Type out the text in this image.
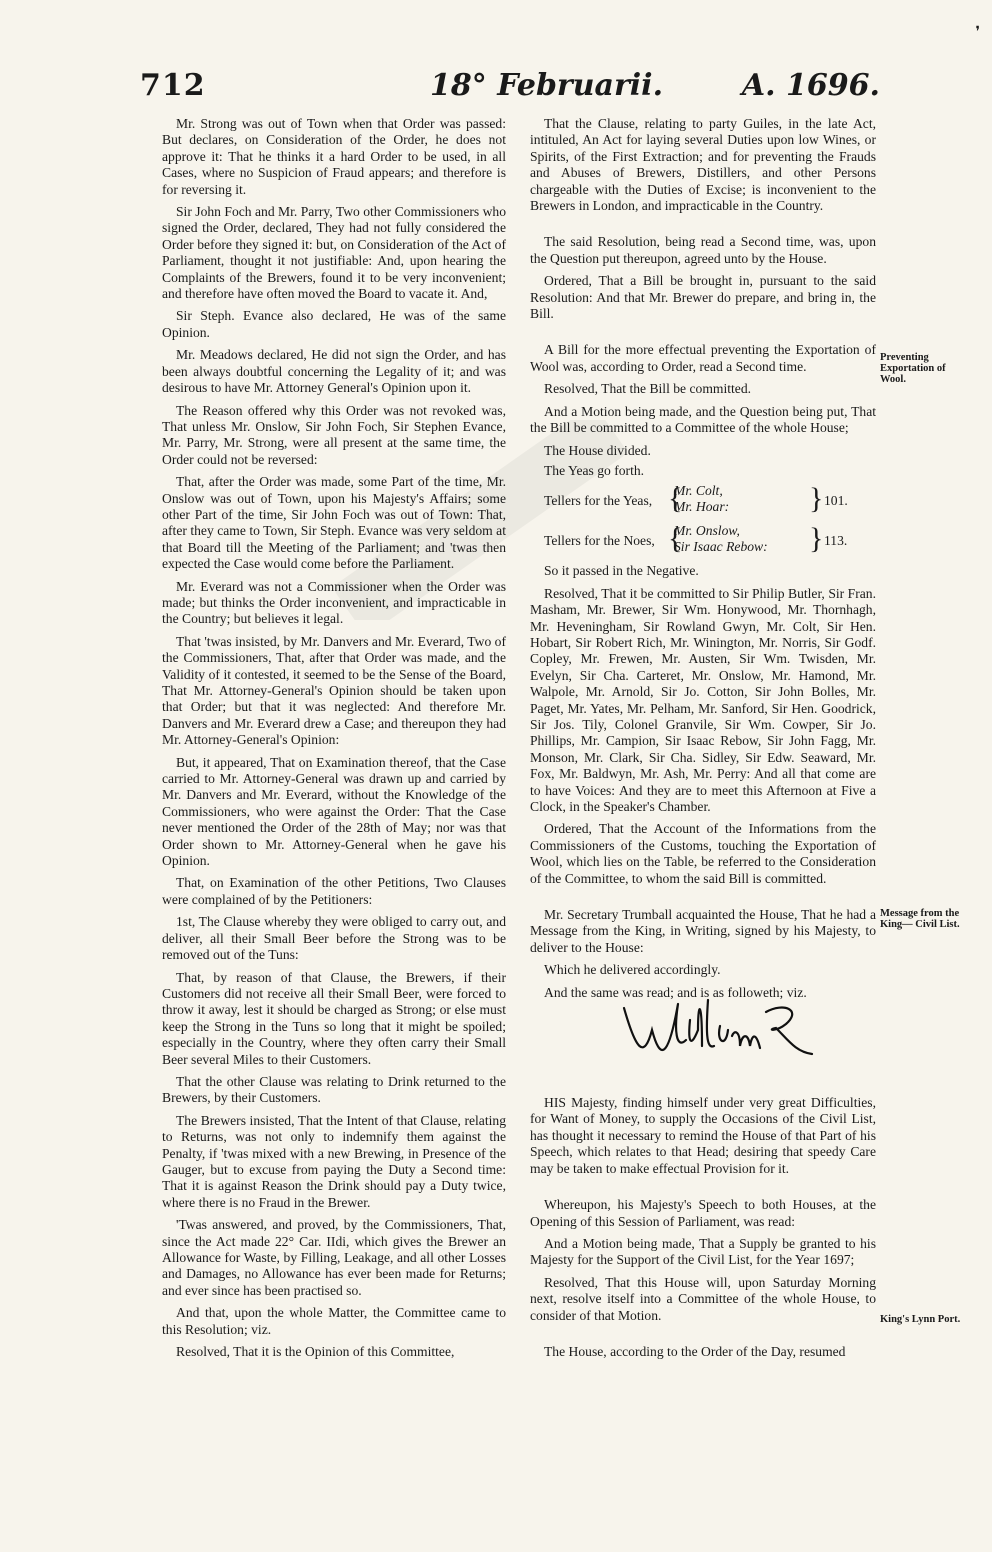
❜
712	18° Februarii.	A. 1696.

Mr. Strong was out of Town when that Order was passed: But declares, on Consideration of the Order, he does not approve it: That he thinks it a hard Order to be used, in all Cases, where no Suspicion of Fraud appears; and therefore is for reversing it.

Sir John Foch and Mr. Parry, Two other Commissioners who signed the Order, declared, They had not fully considered the Order before they signed it: but, on Consideration of the Act of Parliament, thought it not justifiable: And, upon hearing the Complaints of the Brewers, found it to be very inconvenient; and therefore have often moved the Board to vacate it. And,

Sir Steph. Evance also declared, He was of the same Opinion.

Mr. Meadows declared, He did not sign the Order, and has been always doubtful concerning the Legality of it; and was desirous to have Mr. Attorney General's Opinion upon it.

The Reason offered why this Order was not revoked was, That unless Mr. Onslow, Sir John Foch, Sir Stephen Evance, Mr. Parry, Mr. Strong, were all present at the same time, the Order could not be reversed:

That, after the Order was made, some Part of the time, Mr. Onslow was out of Town, upon his Majesty's Affairs; some other Part of the time, Sir John Foch was out of Town: That, after they came to Town, Sir Steph. Evance was very seldom at that Board till the Meeting of the Parliament; and 'twas then expected the Case would come before the Parliament.

Mr. Everard was not a Commissioner when the Order was made; but thinks the Order inconvenient, and impracticable in the Country; but believes it legal.

That 'twas insisted, by Mr. Danvers and Mr. Everard, Two of the Commissioners, That, after that Order was made, and the Validity of it contested, it seemed to be the Sense of the Board, That Mr. Attorney-General's Opinion should be taken upon that Order; but that it was neglected: And therefore Mr. Danvers and Mr. Everard drew a Case; and thereupon they had Mr. Attorney-General's Opinion:

But, it appeared, That on Examination thereof, that the Case carried to Mr. Attorney-General was drawn up and carried by Mr. Danvers and Mr. Everard, without the Knowledge of the Commissioners, who were against the Order: That the Case never mentioned the Order of the 28th of May; nor was that Order shown to Mr. Attorney-General when he gave his Opinion.

That, on Examination of the other Petitions, Two Clauses were complained of by the Petitioners:

1st, The Clause whereby they were obliged to carry out, and deliver, all their Small Beer before the Strong was to be removed out of the Tuns:

That, by reason of that Clause, the Brewers, if their Customers did not receive all their Small Beer, were forced to throw it away, lest it should be charged as Strong; or else must keep the Strong in the Tuns so long that it might be spoiled; especially in the Country, where they often carry their Small Beer several Miles to their Customers.

That the other Clause was relating to Drink returned to the Brewers, by their Customers.

The Brewers insisted, That the Intent of that Clause, relating to Returns, was not only to indemnify them against the Penalty, if 'twas mixed with a new Brewing, in Presence of the Gauger, but to excuse from paying the Duty a Second time: That it is against Reason the Drink should pay a Duty twice, where there is no Fraud in the Brewer.

'Twas answered, and proved, by the Commissioners, That, since the Act made 22° Car. IIdi, which gives the Brewer an Allowance for Waste, by Filling, Leakage, and all other Losses and Damages, no Allowance has ever been made for Returns; and ever since has been practised so.

And that, upon the whole Matter, the Committee came to this Resolution; viz.

Resolved, That it is the Opinion of this Committee,

That the Clause, relating to party Guiles, in the late Act, intituled, An Act for laying several Duties upon low Wines, or Spirits, of the First Extraction; and for preventing the Frauds and Abuses of Brewers, Distillers, and other Persons chargeable with the Duties of Excise; is inconvenient to the Brewers in London, and impracticable in the Country.

The said Resolution, being read a Second time, was, upon the Question put thereupon, agreed unto by the House.

Ordered, That a Bill be brought in, pursuant to the said Resolution: And that Mr. Brewer do prepare, and bring in, the Bill.

A Bill for the more effectual preventing the Exportation of Wool was, according to Order, read a Second time.

Resolved, That the Bill be committed.

And a Motion being made, and the Question being put, That the Bill be committed to a Committee of the whole House;

The House divided.
The Yeas go forth.
Tellers for the Yeas, {
Mr. Colt,
Mr. Hoar:	} 101.
Tellers for the Noes, {
Mr. Onslow,
Sir Isaac Rebow: } 113.
So it passed in the Negative.

Resolved, That it be committed to Sir Philip Butler, Sir Fran. Masham, Mr. Brewer, Sir Wm. Honywood, Mr. Thornhagh, Mr. Heveningham, Sir Rowland Gwyn, Mr. Colt, Sir Hen. Hobart, Sir Robert Rich, Mr. Winington, Mr. Norris, Sir Godf. Copley, Mr. Frewen, Mr. Austen, Sir Wm. Twisden, Mr. Evelyn, Sir Cha. Carteret, Mr. Onslow, Mr. Hamond, Mr. Walpole, Mr. Arnold, Sir Jo. Cotton, Sir John Bolles, Mr. Paget, Mr. Yates, Mr. Pelham, Mr. Sanford, Sir Hen. Goodrick, Sir Jos. Tily, Colonel Granvile, Sir Wm. Cowper, Sir Jo. Phillips, Mr. Campion, Sir Isaac Rebow, Sir John Fagg, Mr. Monson, Mr. Clark, Sir Cha. Sidley, Sir Edw. Seaward, Mr. Fox, Mr. Baldwyn, Mr. Ash, Mr. Perry: And all that come are to have Voices: And they are to meet this Afternoon at Five a Clock, in the Speaker's Chamber.

Ordered, That the Account of the Informations from the Commissioners of the Customs, touching the Exportation of Wool, which lies on the Table, be referred to the Consideration of the Committee, to whom the said Bill is committed.

Mr. Secretary Trumball acquainted the House, That he had a Message from the King, in Writing, signed by his Majesty, to deliver to the House:

Which he delivered accordingly.

And the same was read; and is as followeth; viz.

HIS Majesty, finding himself under very great Difficulties, for Want of Money, to supply the Occasions of the Civil List, has thought it necessary to remind the House of that Part of his Speech, which relates to that Head; desiring that speedy Care may be taken to make effectual Provision for it.

Whereupon, his Majesty's Speech to both Houses, at the Opening of this Session of Parliament, was read:

And a Motion being made, That a Supply be granted to his Majesty for the Support of the Civil List, for the Year 1697;

Resolved, That this House will, upon Saturday Morning next, resolve itself into a Committee of the whole House, to consider of that Motion.

The House, according to the Order of the Day, resumed

Preventing Exportation of Wool.
Message from the King— Civil List.
King's Lynn Port.
